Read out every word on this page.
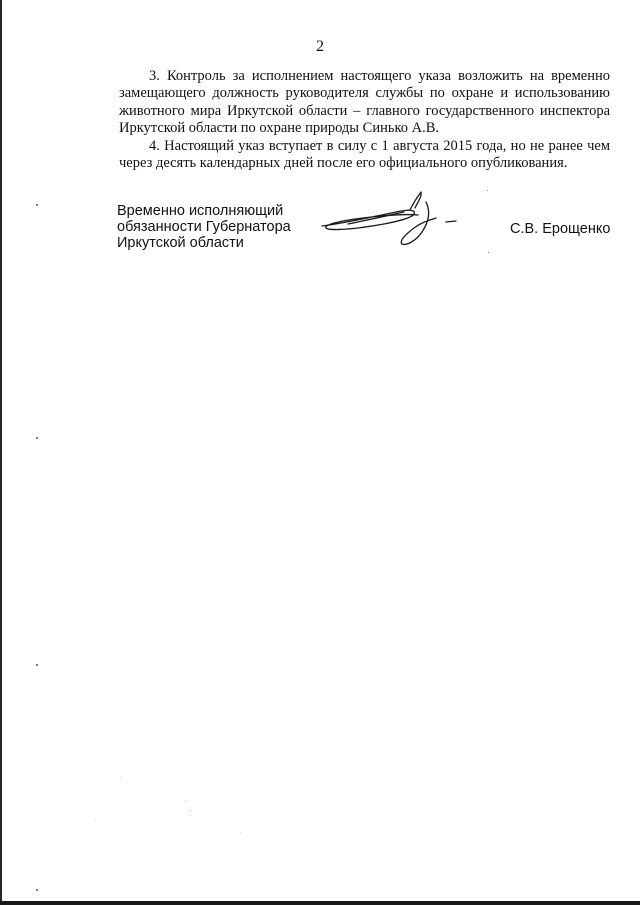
2

3. Контроль за исполнением настоящего указа возложить на временно замещающего должность руководителя службы по охране и использованию животного мира Иркутской области – главного государственного инспектора Иркутской области по охране природы Синько А.В.

4. Настоящий указ вступает в силу с 1 августа 2015 года, но не ранее чем через десять календарных дней после его официального опубликования.

Временно исполняющий
обязанности Губернатора
Иркутской области
С.В. Ерощенко
